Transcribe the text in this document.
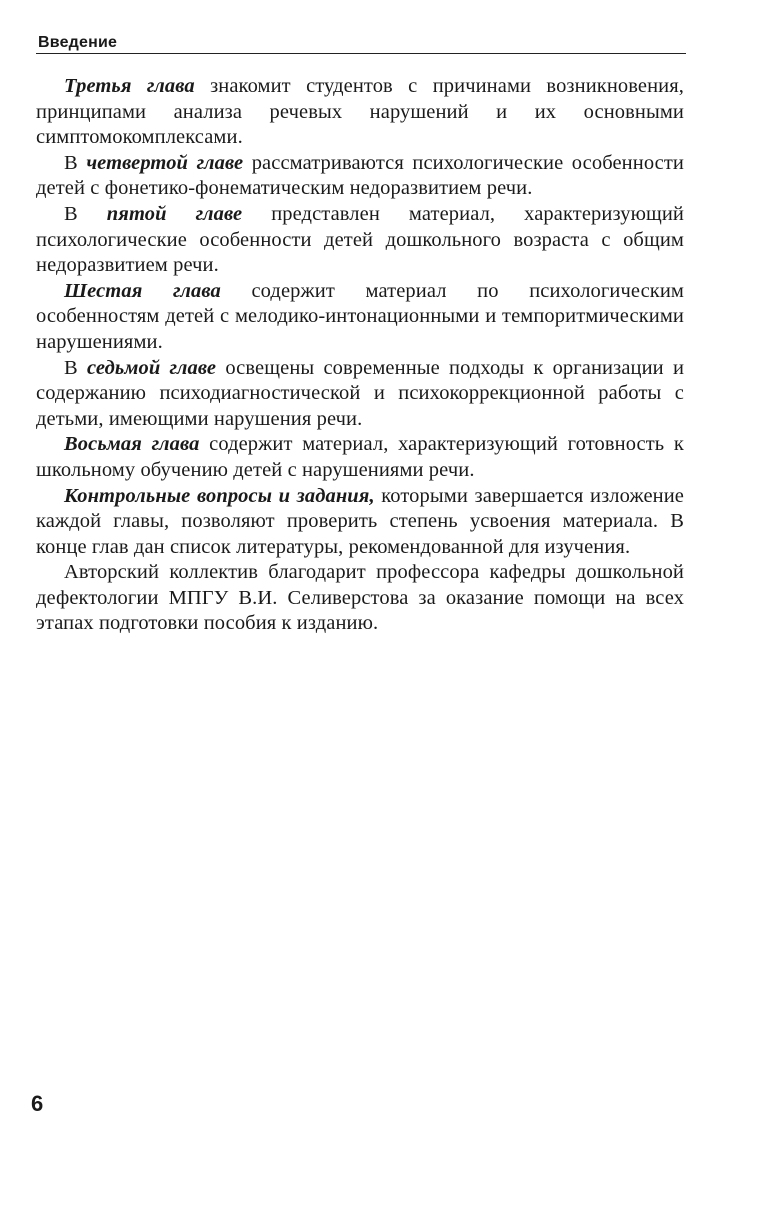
Введение

Третья глава знакомит студентов с причинами возникновения, принципами анализа речевых нарушений и их основными симптомокомплексами.

В четвертой главе рассматриваются психологические особенности детей с фонетико-фонематическим недоразвитием речи.

В пятой главе представлен материал, характеризующий психологические особенности детей дошкольного возраста с общим недоразвитием речи.

Шестая глава содержит материал по психологическим особенностям детей с мелодико-интонационными и темпоритмическими нарушениями.

В седьмой главе освещены современные подходы к организации и содержанию психодиагностической и психокоррекционной работы с детьми, имеющими нарушения речи.

Восьмая глава содержит материал, характеризующий готовность к школьному обучению детей с нарушениями речи.

Контрольные вопросы и задания, которыми завершается изложение каждой главы, позволяют проверить степень усвоения материала. В конце глав дан список литературы, рекомендованной для изучения.

Авторский коллектив благодарит профессора кафедры дошкольной дефектологии МПГУ В.И. Селиверстова за оказание помощи на всех этапах подготовки пособия к изданию.

6
